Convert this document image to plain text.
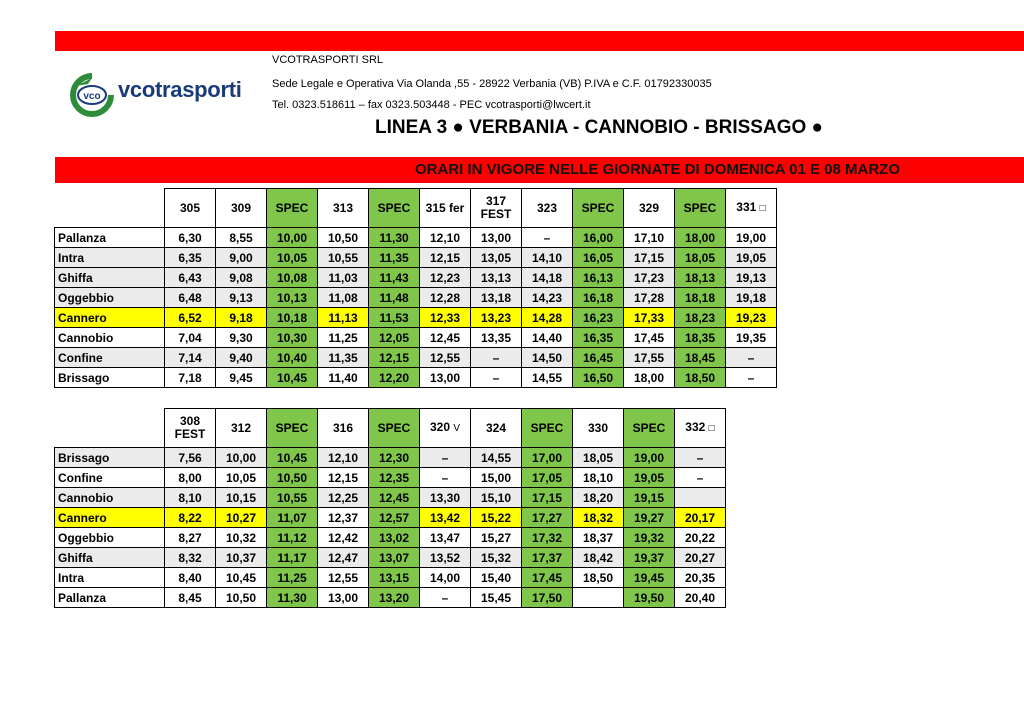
vco vcotrasporti
VCOTRASPORTI SRL
Sede Legale e Operativa Via Olanda ,55 - 28922 Verbania (VB) P.IVA e C.F. 01792330035
Tel. 0323.518611 – fax 0323.503448 - PEC vcotrasporti@lwcert.it
LINEA 3 ● VERBANIA - CANNOBIO - BRISSAGO ●
ORARI IN VIGORE NELLE GIORNATE DI DOMENICA 01 E 08 MARZO
	305	309	SPEC	313	SPEC	315 fer	317
FEST	323	SPEC	329	SPEC	331 □
Pallanza	6,30	8,55	10,00	10,50	11,30	12,10	13,00	–	16,00	17,10	18,00	19,00
Intra	6,35	9,00	10,05	10,55	11,35	12,15	13,05	14,10	16,05	17,15	18,05	19,05
Ghiffa	6,43	9,08	10,08	11,03	11,43	12,23	13,13	14,18	16,13	17,23	18,13	19,13
Oggebbio	6,48	9,13	10,13	11,08	11,48	12,28	13,18	14,23	16,18	17,28	18,18	19,18
Cannero	6,52	9,18	10,18	11,13	11,53	12,33	13,23	14,28	16,23	17,33	18,23	19,23
Cannobio	7,04	9,30	10,30	11,25	12,05	12,45	13,35	14,40	16,35	17,45	18,35	19,35
Confine	7,14	9,40	10,40	11,35	12,15	12,55	–	14,50	16,45	17,55	18,45	–
Brissago	7,18	9,45	10,45	11,40	12,20	13,00	–	14,55	16,50	18,00	18,50	–
	308
FEST	312	SPEC	316	SPEC	320 V	324	SPEC	330	SPEC	332 □
Brissago	7,56	10,00	10,45	12,10	12,30	–	14,55	17,00	18,05	19,00	–
Confine	8,00	10,05	10,50	12,15	12,35	–	15,00	17,05	18,10	19,05	–
Cannobio	8,10	10,15	10,55	12,25	12,45	13,30	15,10	17,15	18,20	19,15	
Cannero	8,22	10,27	11,07	12,37	12,57	13,42	15,22	17,27	18,32	19,27	20,17
Oggebbio	8,27	10,32	11,12	12,42	13,02	13,47	15,27	17,32	18,37	19,32	20,22
Ghiffa	8,32	10,37	11,17	12,47	13,07	13,52	15,32	17,37	18,42	19,37	20,27
Intra	8,40	10,45	11,25	12,55	13,15	14,00	15,40	17,45	18,50	19,45	20,35
Pallanza	8,45	10,50	11,30	13,00	13,20	–	15,45	17,50		19,50	20,40
